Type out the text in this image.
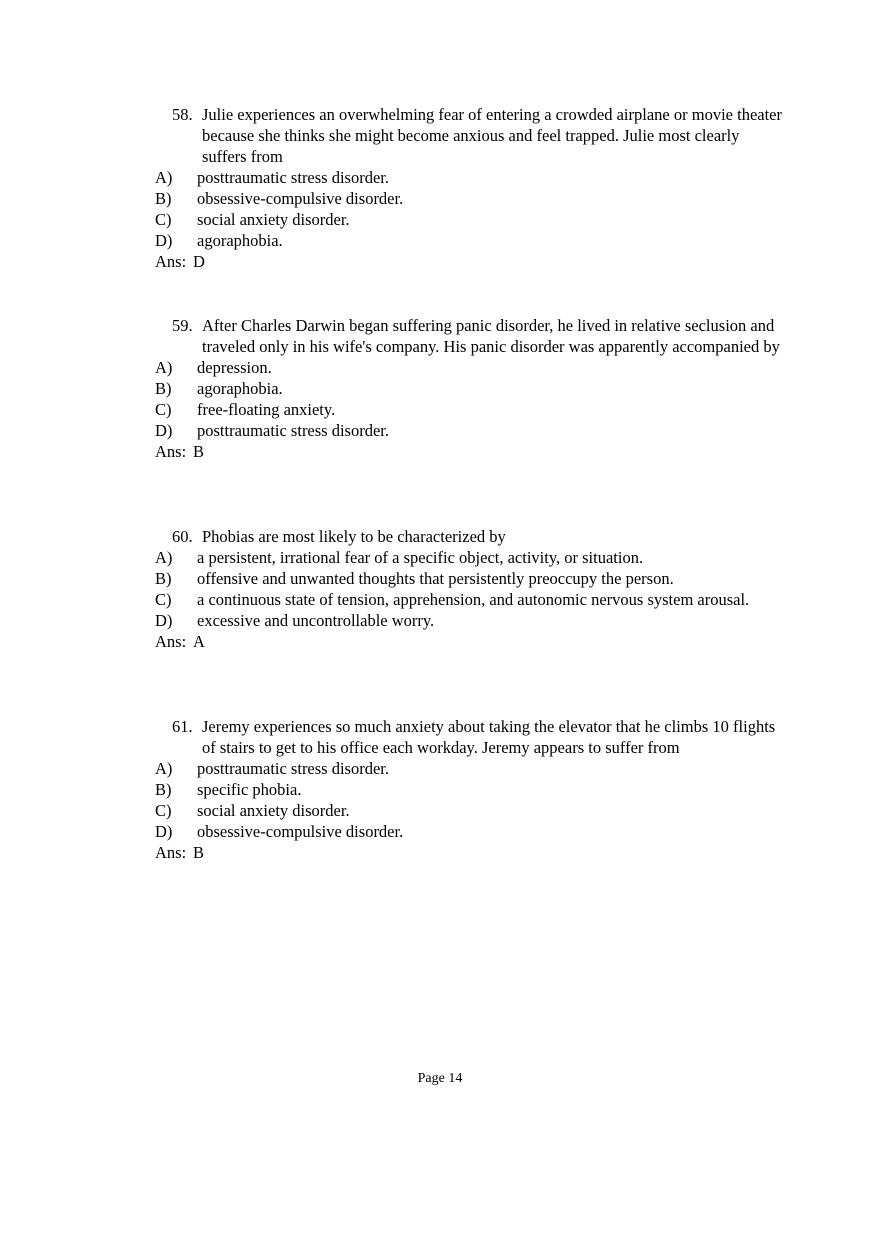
58. Julie experiences an overwhelming fear of entering a crowded airplane or movie theater because she thinks she might become anxious and feel trapped. Julie most clearly suffers from

A) posttraumatic stress disorder.
B) obsessive-compulsive disorder.
C) social anxiety disorder.
D) agoraphobia.
Ans: D

59. After Charles Darwin began suffering panic disorder, he lived in relative seclusion and traveled only in his wife's company. His panic disorder was apparently accompanied by

A) depression.
B) agoraphobia.
C) free-floating anxiety.
D) posttraumatic stress disorder.
Ans: B

60. Phobias are most likely to be characterized by

A) a persistent, irrational fear of a specific object, activity, or situation.
B) offensive and unwanted thoughts that persistently preoccupy the person.
C) a continuous state of tension, apprehension, and autonomic nervous system arousal.
D) excessive and uncontrollable worry.
Ans: A

61. Jeremy experiences so much anxiety about taking the elevator that he climbs 10 flights of stairs to get to his office each workday. Jeremy appears to suffer from

A) posttraumatic stress disorder.
B) specific phobia.
C) social anxiety disorder.
D) obsessive-compulsive disorder.
Ans: B
Page 14
